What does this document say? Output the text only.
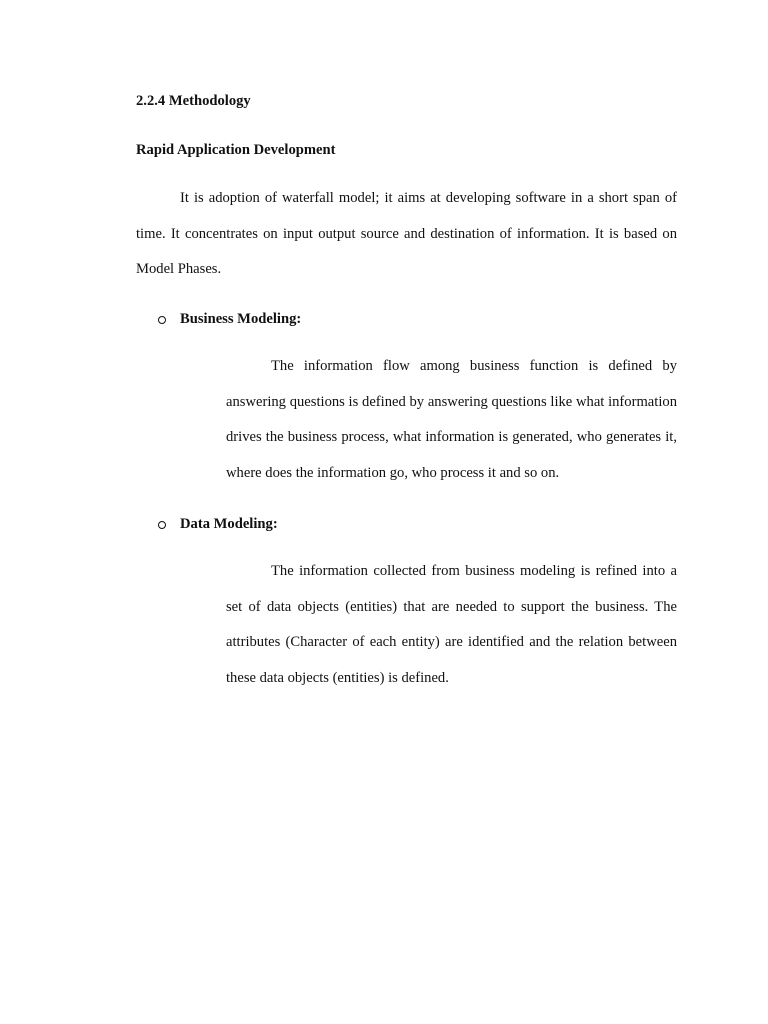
2.2.4 Methodology
Rapid Application Development

It is adoption of waterfall model; it aims at developing software in a short span of time. It concentrates on input output source and destination of information. It is based on Model Phases.

Business Modeling:

The information flow among business function is defined by answering questions is defined by answering questions like what information drives the business process, what information is generated, who generates it, where does the information go, who process it and so on.

Data Modeling:

The information collected from business modeling is refined into a set of data objects (entities) that are needed to support the business. The attributes (Character of each entity) are identified and the relation between these data objects (entities) is defined.
